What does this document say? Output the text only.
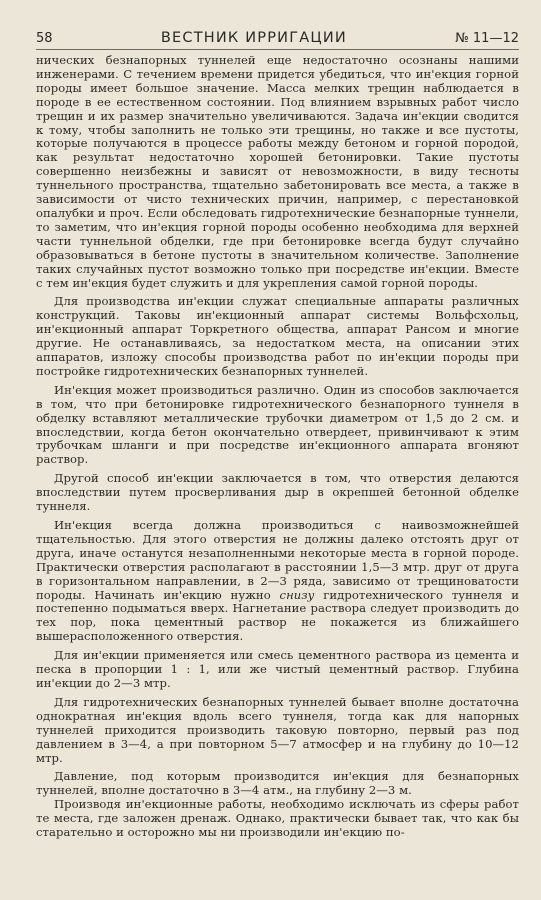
58	ВЕСТНИК ИРРИГАЦИИ	№ 11—12

нических безнапорных туннелей еще недостаточно осознаны нашими инженерами. С течением времени придется убедиться, что ин'екция горной породы имеет большое значение. Масса мелких трещин наблюдается в породе в ее естественном состоянии. Под влиянием взрывных работ число трещин и их размер значительно увеличиваются. Задача ин'екции сводится к тому, чтобы заполнить не только эти трещины, но также и все пустоты, которые получаются в процессе работы между бетоном и горной породой, как результат недостаточно хорошей бетонировки. Такие пустоты совершенно неизбежны и зависят от невозможности, в виду тесноты туннельного пространства, тщательно забетонировать все места, а также в зависимости от чисто технических причин, например, с перестановкой опалубки и проч. Если обследовать гидротехнические безнапорные туннели, то заметим, что ин'екция горной породы особенно необходима для верхней части туннельной обделки, где при бетонировке всегда будут случайно образовываться в бетоне пустоты в значительном количестве. Заполнение таких случайных пустот возможно только при посредстве ин'екции. Вместе с тем ин'екция будет служить и для укрепления самой горной породы.

Для производства ин'екции служат специальные аппараты различных конструкций. Таковы ин'екционный аппарат системы Вольфсхольц, ин'екционный аппарат Торкретного общества, аппарат Рансом и многие другие. Не останавливаясь, за недостатком места, на описании этих аппаратов, изложу способы производства работ по ин'екции породы при постройке гидротехнических безнапорных туннелей.

Ин'екция может производиться различно. Один из способов заключается в том, что при бетонировке гидротехнического безнапорного туннеля в обделку вставляют металлические трубочки диаметром от 1,5 до 2 см. и впоследствии, когда бетон окончательно отвердеет, привинчивают к этим трубочкам шланги и при посредстве ин'екционного аппарата вгоняют раствор.

Другой способ ин'екции заключается в том, что отверстия делаются впоследствии путем просверливания дыр в окрепшей бетонной обделке туннеля.

Ин'екция всегда должна производиться с наивозможнейшей тщательностью. Для этого отверстия не должны далеко отстоять друг от друга, иначе останутся незаполненными некоторые места в горной породе. Практически отверстия располагают в расстоянии 1,5—3 мтр. друг от друга в горизонтальном направлении, в 2—3 ряда, зависимо от трещиноватости породы. Начинать ин'екцию нужно снизу гидротехнического туннеля и постепенно подыматься вверх. Нагнетание раствора следует производить до тех пор, пока цементный раствор не покажется из ближайшего вышерасположенного отверстия.

Для ин'екции применяется или смесь цементного раствора из цемента и песка в пропорции 1 : 1, или же чистый цементный раствор. Глубина ин'екции до 2—3 мтр.

Для гидротехнических безнапорных туннелей бывает вполне достаточна однократная ин'екция вдоль всего туннеля, тогда как для напорных туннелей приходится производить таковую повторно, первый раз под давлением в 3—4, а при повторном 5—7 атмосфер и на глубину до 10—12 мтр.

Давление, под которым производится ин'екция для безнапорных туннелей, вполне достаточно в 3—4 атм., на глубину 2—3 м.

Производя ин'екционные работы, необходимо исключать из сферы работ те места, где заложен дренаж. Однако, практически бывает так, что как бы старательно и осторожно мы ни производили ин'екцию по-
